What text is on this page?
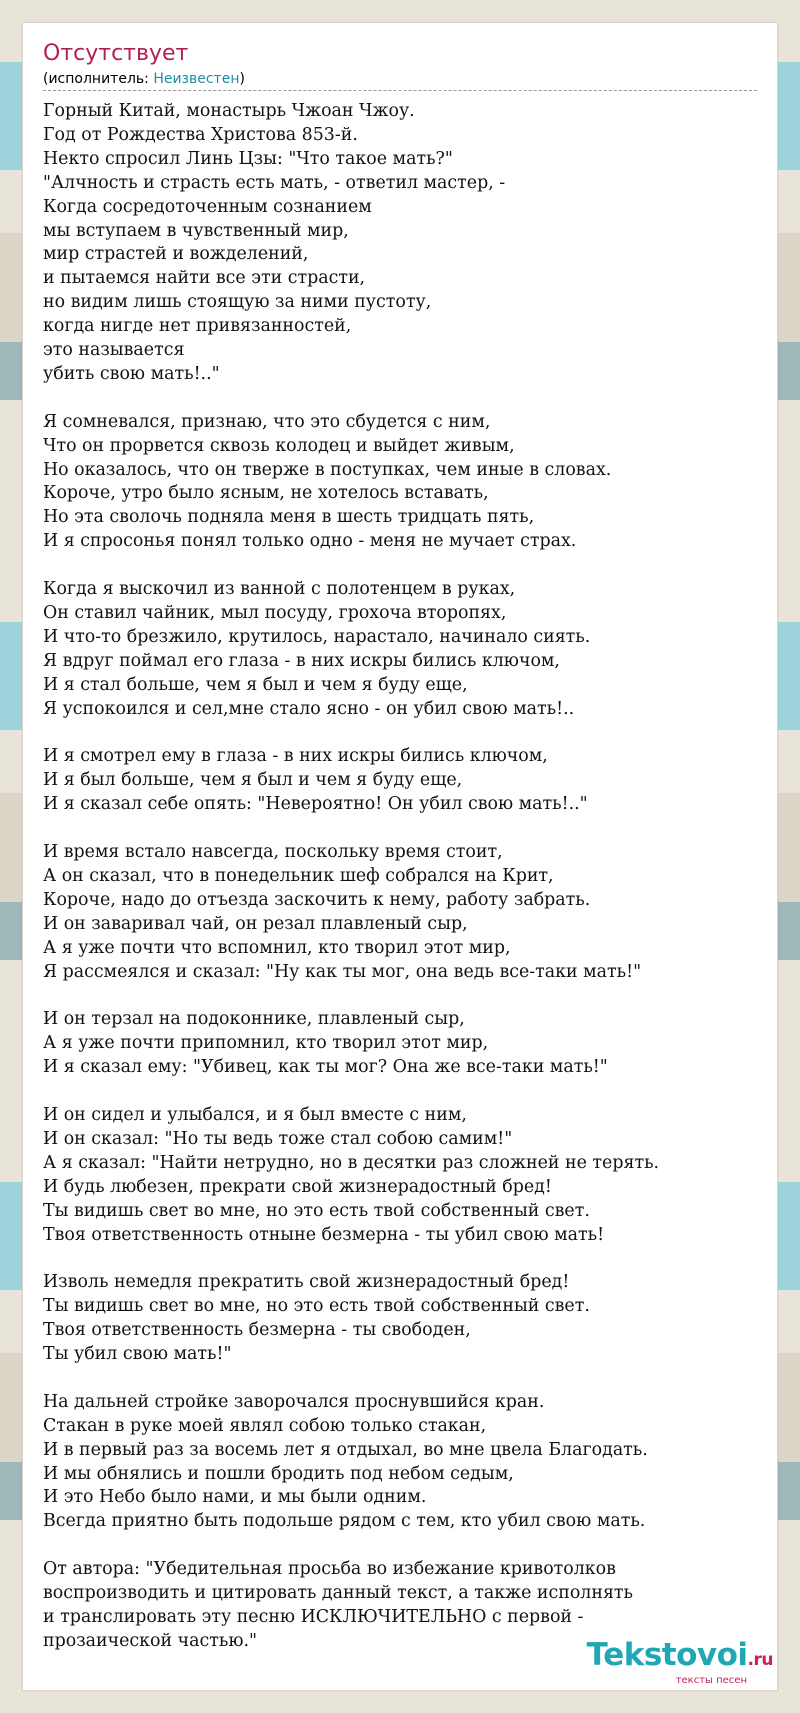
Отсутствует
(исполнитель: Неизвестен)
Горный Китай, монастырь Чжоан Чжоу.
Год от Рождества Христова 853-й.
Некто спросил Линь Цзы: "Что такое мать?"
"Алчность и страсть есть мать, - ответил мастер, -
Когда сосредоточенным сознанием
мы вступаем в чувственный мир,
мир страстей и вожделений,
и пытаемся найти все эти страсти,
но видим лишь стоящую за ними пустоту,
когда нигде нет привязанностей,
это называется
убить свою мать!.."
Я сомневался, признаю, что это сбудется с ним,
Что он прорвется сквозь колодец и выйдет живым,
Но оказалось, что он тверже в поступках, чем иные в словах.
Короче, утро было ясным, не хотелось вставать,
Но эта сволочь подняла меня в шесть тридцать пять,
И я спросонья понял только одно - меня не мучает страх.
Когда я выскочил из ванной с полотенцем в руках,
Он ставил чайник, мыл посуду, грохоча второпях,
И что-то брезжило, крутилось, нарастало, начинало сиять.
Я вдруг поймал его глаза - в них искры бились ключом,
И я стал больше, чем я был и чем я буду еще,
Я успокоился и сел,мне стало ясно - он убил свою мать!..
И я смотрел ему в глаза - в них искры бились ключом,
И я был больше, чем я был и чем я буду еще,
И я сказал себе опять: "Невероятно! Он убил свою мать!.."
И время встало навсегда, поскольку время стоит,
А он сказал, что в понедельник шеф собрался на Крит,
Короче, надо до отъезда заскочить к нему, работу забрать.
И он заваривал чай, он резал плавленый сыр,
А я уже почти что вспомнил, кто творил этот мир,
Я рассмеялся и сказал: "Ну как ты мог, она ведь все-таки мать!"
И он терзал на подоконнике, плавленый сыр,
А я уже почти припомнил, кто творил этот мир,
И я сказал ему: "Убивец, как ты мог? Она же все-таки мать!"
И он сидел и улыбался, и я был вместе с ним,
И он сказал: "Но ты ведь тоже стал собою самим!"
А я сказал: "Найти нетрудно, но в десятки раз сложней не терять.
И будь любезен, прекрати свой жизнерадостный бред!
Ты видишь свет во мне, но это есть твой собственный свет.
Твоя ответственность отныне безмерна - ты убил свою мать!
Изволь немедля прекратить свой жизнерадостный бред!
Ты видишь свет во мне, но это есть твой собственный свет.
Твоя ответственность безмерна - ты свободен,
Ты убил свою мать!"
На дальней стройке заворочался проснувшийся кран.
Стакан в руке моей являл собою только стакан,
И в первый раз за восемь лет я отдыхал, во мне цвела Благодать.
И мы обнялись и пошли бродить под небом седым,
И это Небо было нами, и мы были одним.
Всегда приятно быть подольше рядом с тем, кто убил свою мать.
От автора: "Убедительная просьба во избежание кривотолков
воспроизводить и цитировать данный текст, а также исполнять
и транслировать эту песню ИСКЛЮЧИТЕЛЬНО с первой -
прозаической частью."	Tekstovoi.ru
тексты песен
